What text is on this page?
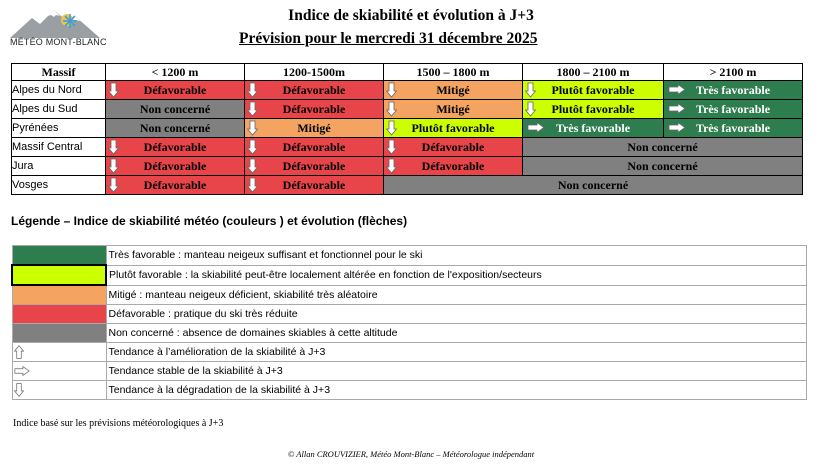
MÉTÉO MONT-BLANC
Indice de skiabilité et évolution à J+3
Prévision pour le mercredi 31 décembre 2025
Massif	< 1200 m	1200-1500m	1500 – 1800 m	1800 – 2100 m	> 2100 m
Alpes du Nord	Défavorable	Défavorable	Mitigé	Plutôt favorable	Très favorable
Alpes du Sud	Non concerné	Défavorable	Mitigé	Plutôt favorable	Très favorable
Pyrénées	Non concerné	Mitigé	Plutôt favorable	Très favorable	Très favorable
Massif Central	Défavorable	Défavorable	Défavorable	Non concerné	
Jura	Défavorable	Défavorable	Défavorable	Non concerné	
Vosges	Défavorable	Défavorable	Non concerné		
Légende – Indice de skiabilité météo (couleurs ) et évolution (flèches)
	Très favorable : manteau neigeux suffisant et fonctionnel pour le ski
	Plutôt favorable : la skiabilité peut-être localement altérée en fonction de l'exposition/secteurs
	Mitigé : manteau neigeux déficient, skiabilité très aléatoire
	Défavorable : pratique du ski très réduite
	Non concerné : absence de domaines skiables à cette altitude

	Tendance à l’amélioration de la skiabilité à J+3

	Tendance stable de la skiabilité à J+3

	Tendance à la dégradation de la skiabilité à J+3
Indice basé sur les prévisions météorologiques à J+3
© Allan CROUVIZIER, Météo Mont-Blanc – Météorologue indépendant
